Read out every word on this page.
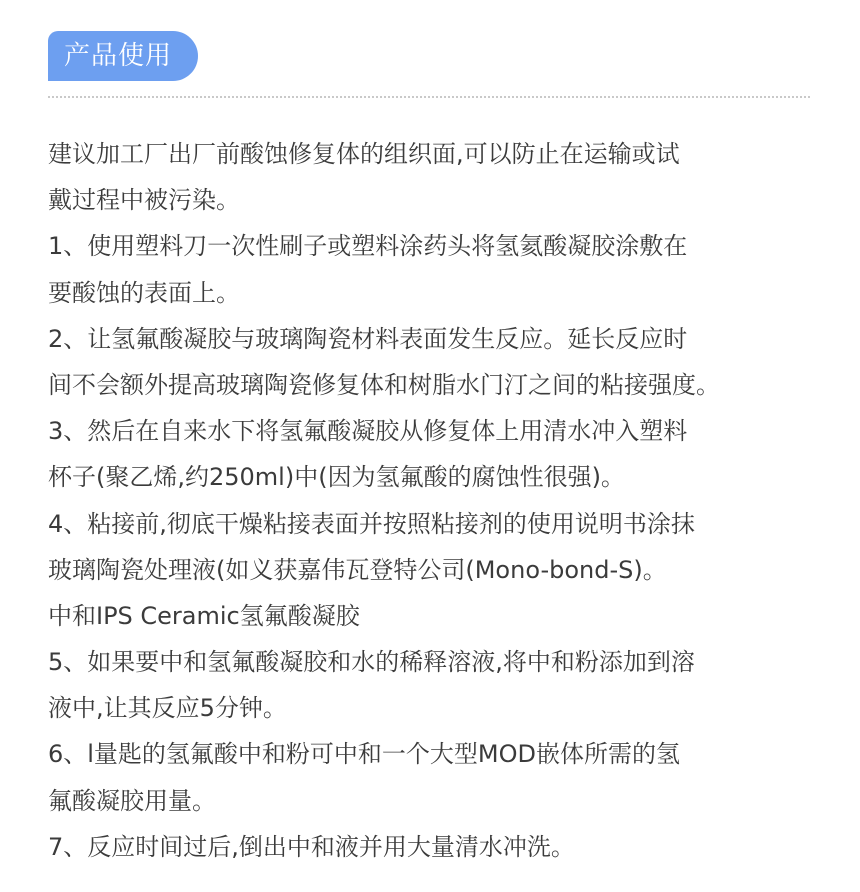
产品使用
建议加工厂出厂前酸蚀修复体的组织面,可以防止在运输或试
戴过程中被污染。
1、使用塑料刀一次性刷子或塑料涂药头将氢氦酸凝胶涂敷在
要酸蚀的表面上。
2、让氢氟酸凝胶与玻璃陶瓷材料表面发生反应。延长反应时
间不会额外提高玻璃陶瓷修复体和树脂水门汀之间的粘接强度。
3、然后在自来水下将氢氟酸凝胶从修复体上用清水冲入塑料
杯子(聚乙烯,约250ml)中(因为氢氟酸的腐蚀性很强)。
4、粘接前,彻底干燥粘接表面并按照粘接剂的使用说明书涂抹
玻璃陶瓷处理液(如义获嘉伟瓦登特公司(Mono-bond-S)。
中和IPS Ceramic氢氟酸凝胶
5、如果要中和氢氟酸凝胶和水的稀释溶液,将中和粉添加到溶
液中,让其反应5分钟。
6、l量匙的氢氟酸中和粉可中和一个大型MOD嵌体所需的氢
氟酸凝胶用量。
7、反应时间过后,倒出中和液并用大量清水冲洗。
